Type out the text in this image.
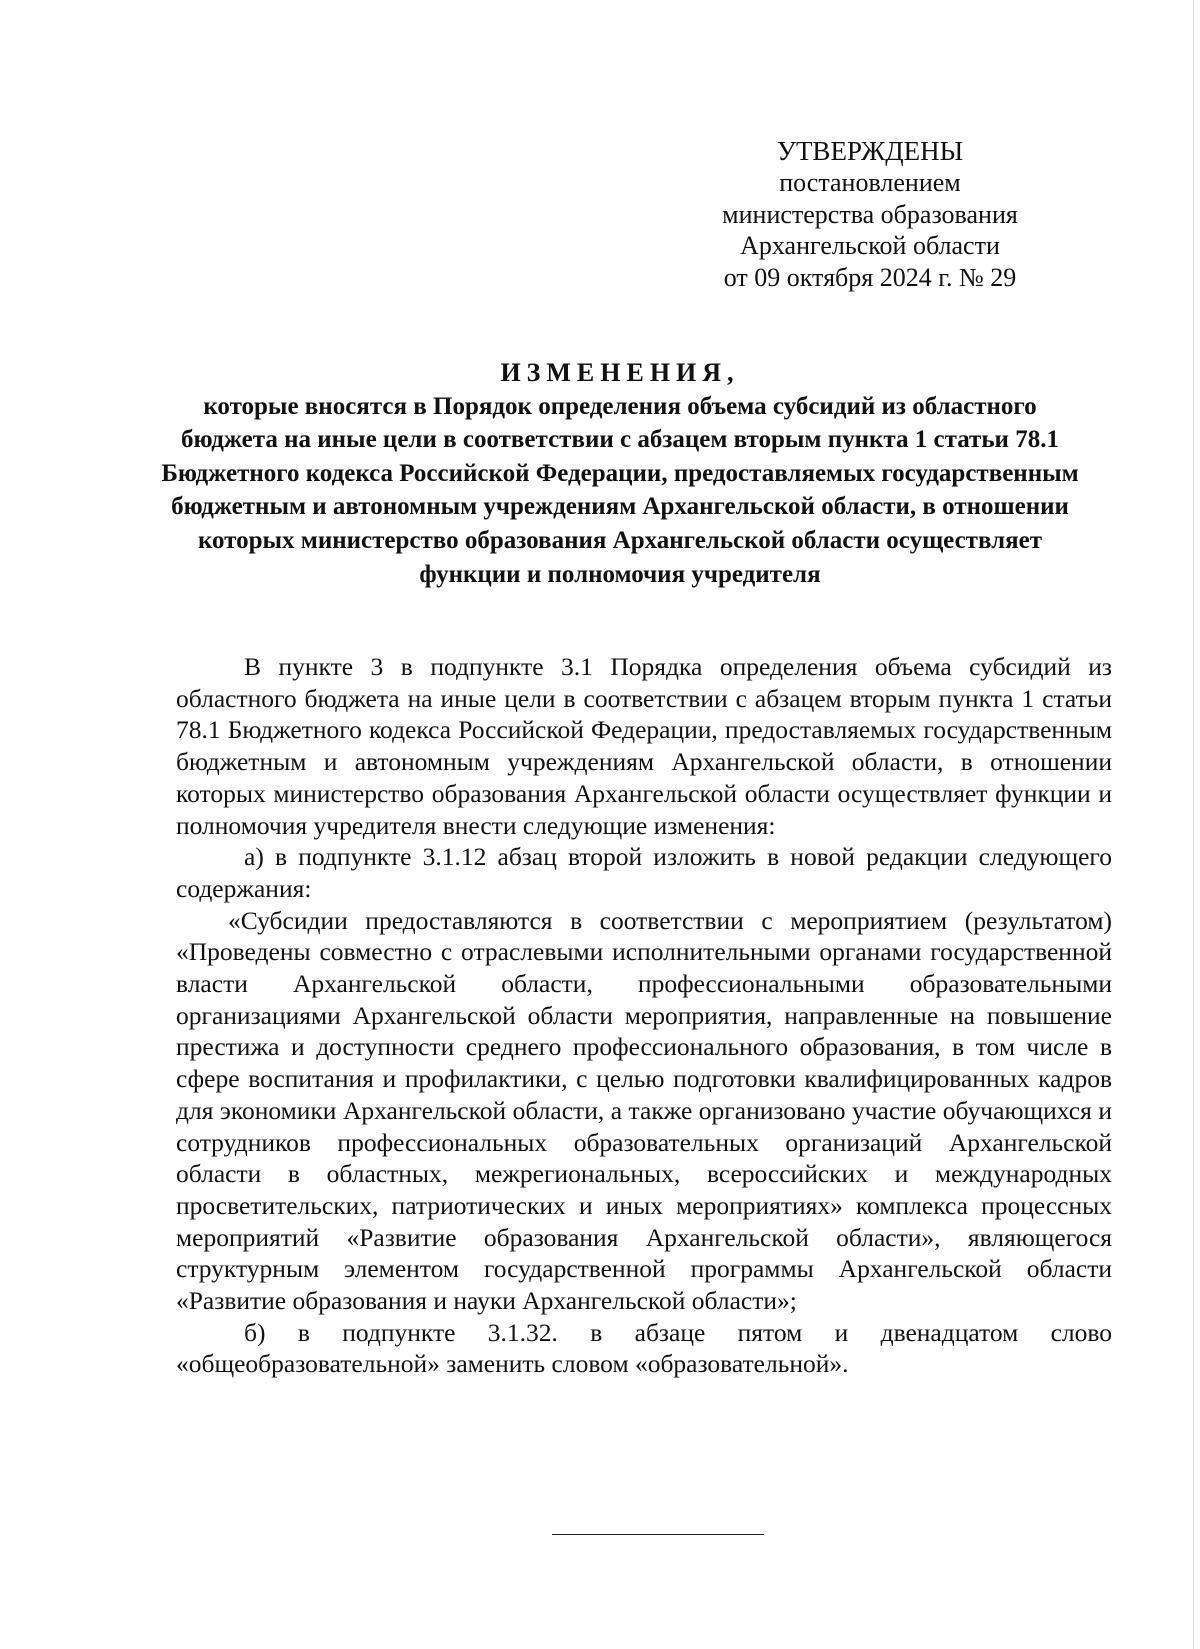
УТВЕРЖДЕНЫ
постановлением
министерства образования
Архангельской области
от 09 октября 2024 г. № 29
ИЗМЕНЕНИЯ,
которые вносятся в Порядок определения объема субсидий из областного бюджета на иные цели в соответствии с абзацем вторым пункта 1 статьи 78.1 Бюджетного кодекса Российской Федерации, предоставляемых государственным бюджетным и автономным учреждениям Архангельской области, в отношении которых министерство образования Архангельской области осуществляет функции и полномочия учредителя

В пункте 3 в подпункте 3.1 Порядка определения объема субсидий из областного бюджета на иные цели в соответствии с абзацем вторым пункта 1 статьи 78.1 Бюджетного кодекса Российской Федерации, предоставляемых государственным бюджетным и автономным учреждениям Архангельской области, в отношении которых министерство образования Архангельской области осуществляет функции и полномочия учредителя внести следующие изменения:

а) в подпункте 3.1.12 абзац второй изложить в новой редакции следующего содержания:

«Субсидии предоставляются в соответствии с мероприятием (результатом) «Проведены совместно с отраслевыми исполнительными органами государственной власти Архангельской области, профессиональными образовательными организациями Архангельской области мероприятия, направленные на повышение престижа и доступности среднего профессионального образования, в том числе в сфере воспитания и профилактики, с целью подготовки квалифицированных кадров для экономики Архангельской области, а также организовано участие обучающихся и сотрудников профессиональных образовательных организаций Архангельской области в областных, межрегиональных, всероссийских и международных просветительских, патриотических и иных мероприятиях» комплекса процессных мероприятий «Развитие образования Архангельской области», являющегося структурным элементом государственной программы Архангельской области «Развитие образования и науки Архангельской области»;

б) в подпункте 3.1.32. в абзаце пятом и двенадцатом слово «общеобразовательной» заменить словом «образовательной».
